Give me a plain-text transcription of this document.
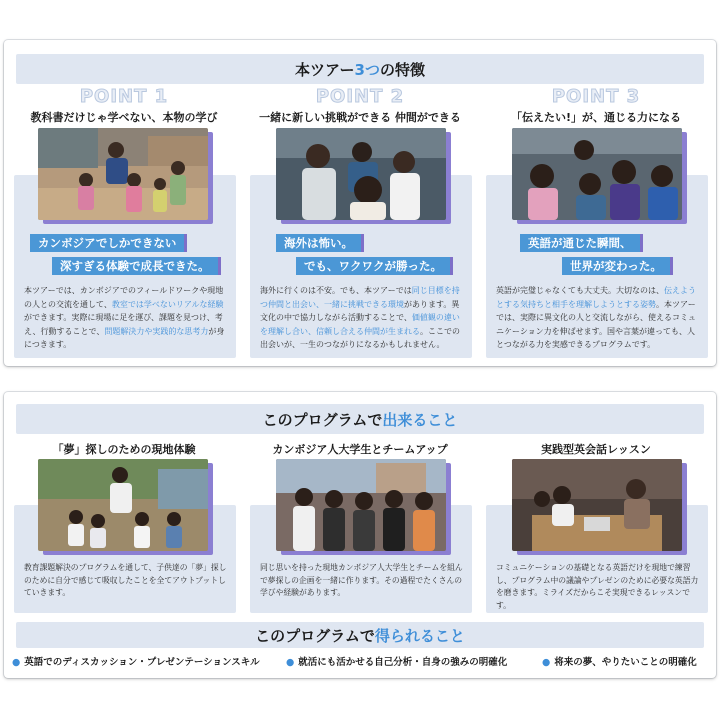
本ツアー 3つ の特徴
POINT 1
教科書だけじゃ学べない、本物の学び
カンボジアでしかできない
深すぎる体験で成長できた。
本ツアーでは、カンボジアでのフィールドワークや現地の人との交流を通して、教室では学べないリアルな経験ができます。実際に現場に足を運び、課題を見つけ、考え、行動することで、問題解決力や実践的な思考力が身につきます。
POINT 2
一緒に新しい挑戦ができる 仲間ができる
海外は怖い。
でも、ワクワクが勝った。
海外に行くのは不安。でも、本ツアーでは同じ目標を持つ仲間と出会い、一緒に挑戦できる環境があります。異文化の中で協力しながら活動することで、価値観の違いを理解し合い、信頼し合える仲間が生まれる。ここでの出会いが、一生のつながりになるかもしれません。
POINT 3
「伝えたい!」が、通じる力になる
英語が通じた瞬間、
世界が変わった。
英語が完璧じゃなくても大丈夫。大切なのは、伝えようとする気持ちと相手を理解しようとする姿勢。本ツアーでは、実際に異文化の人と交流しながら、使えるコミュニケーション力を伸ばせます。国や言葉が違っても、人とつながる力を実感できるプログラムです。
このプログラムで 出来ること
「夢」探しのための現地体験
教育課題解決のプログラムを通して、子供達の「夢」探しのために自分で感じて吸収したことを全てアウトプットしていきます。
カンボジア人大学生とチームアップ
同じ思いを持った現地カンボジア人大学生とチームを組んで夢探しの企画を一緒に作ります。その過程でたくさんの学びや経験があります。
実践型英会話レッスン
コミュニケーションの基礎となる英語だけを現地で練習し、プログラム中の議論やプレゼンのために必要な英語力を磨きます。ミライズだからこそ実現できるレッスンです。
このプログラムで 得られること
● 英語でのディスカッション・プレゼンテーションスキル	● 就活にも活かせる自己分析・自身の強みの明確化	● 将来の夢、やりたいことの明確化
